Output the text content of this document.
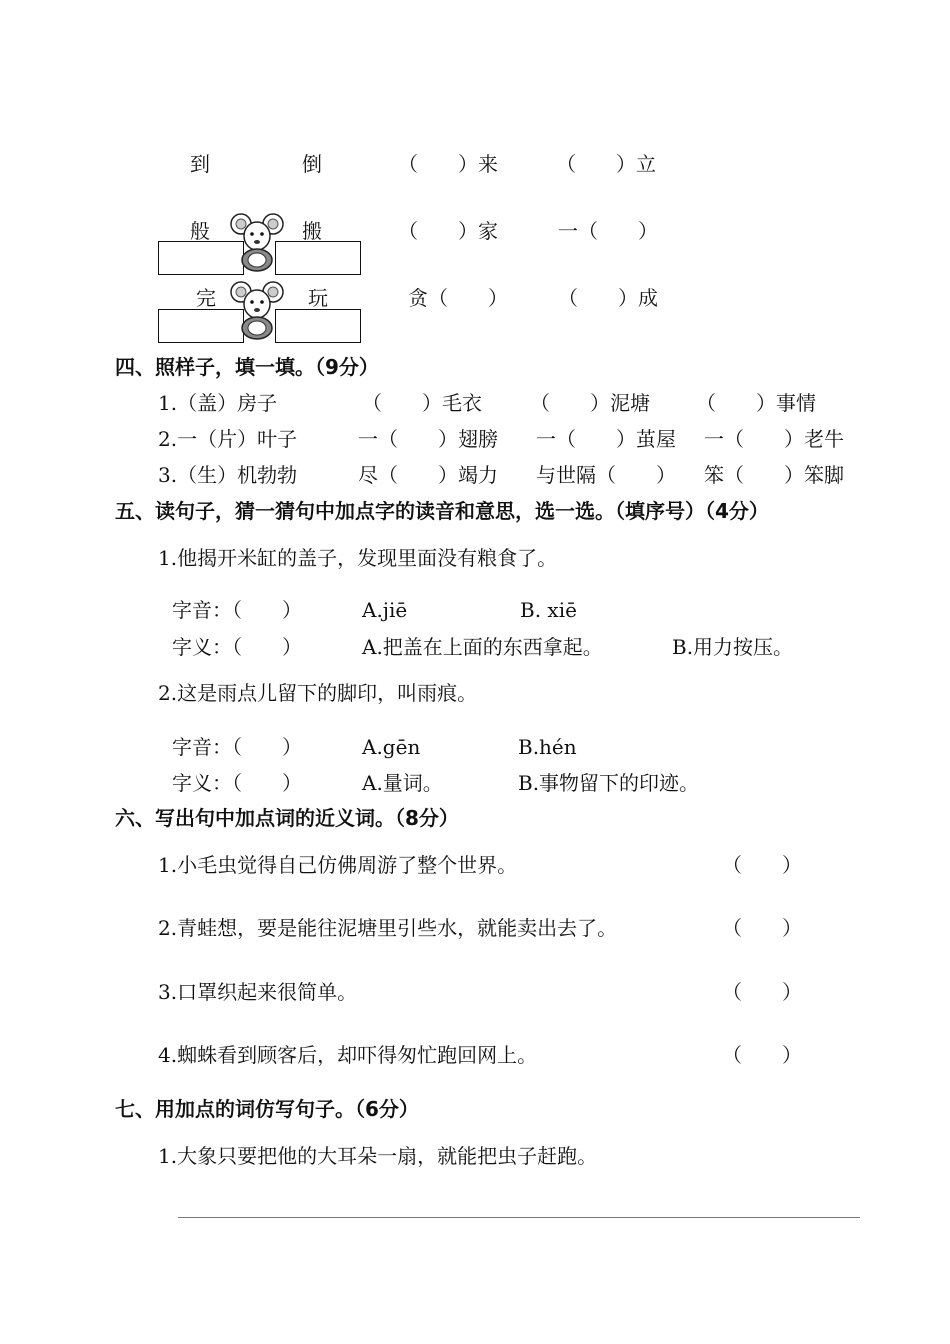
到	倒	（　　）来	（　　）立
般	搬	（　　）家	一（　　）
完	玩	贪（　　）	（　　）成
四、照样子，填一填。（9分）
1.（盖）房子	（　　）毛衣 （　　）泥塘 （　　）事情
2.一（片）叶子	一（　　）翅膀 一（　　）茧屋 一（　　）老牛
3.（生）机勃勃	尽（　　）竭力 与世隔（　　） 笨（　　）笨脚
五、读句子，猜一猜句中加点字的读音和意思，选一选。（填序号）（4分）
1.他揭开米缸的盖子，发现里面没有粮食了。
字音：（　　）	A.jiē	B. xiē
字义：（　　）	A.把盖在上面的东西拿起。	B.用力按压。
2.这是雨点儿留下的脚印，叫雨痕。
字音：（　　）	A.gēn	B.hén
字义：（　　）	A.量词。	B.事物留下的印迹。
六、写出句中加点词的近义词。（8分）
1.小毛虫觉得自己仿佛周游了整个世界。	（　　）
2.青蛙想，要是能往泥塘里引些水，就能卖出去了。	（　　）
3.口罩织起来很简单。	（　　）
4.蜘蛛看到顾客后，却吓得匆忙跑回网上。	（　　）
七、用加点的词仿写句子。（6分）
1.大象只要把他的大耳朵一扇，就能把虫子赶跑。
